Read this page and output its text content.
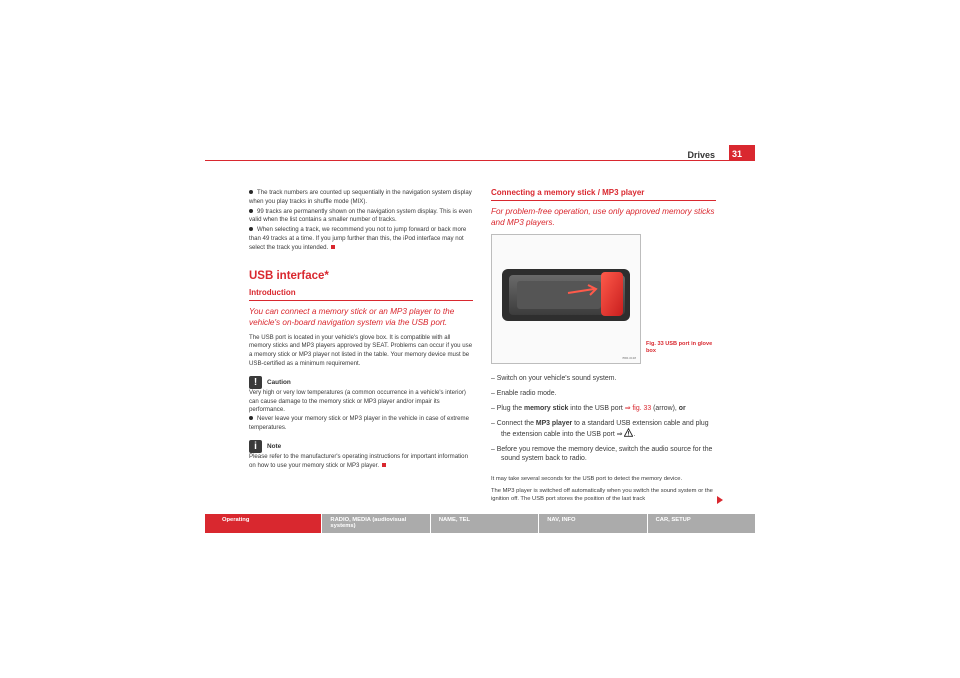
Drives	31

The track numbers are counted up sequentially in the navigation system display when you play tracks in shuffle mode (MIX).

99 tracks are permanently shown on the navigation system display. This is even valid when the list contains a smaller number of tracks.

When selecting a track, we recommend you not to jump forward or back more than 49 tracks at a time. If you jump further than this, the iPod interface may not select the track you intended.

USB interface*
Introduction

You can connect a memory stick or an MP3 player to the vehicle's on-board navigation system via the USB port.

The USB port is located in your vehicle's glove box. It is compatible with all memory sticks and MP3 players approved by SEAT. Problems can occur if you use a memory stick or MP3 player not listed in the table. Your memory device must be USB-certified as a minimum requirement.

!	Caution

Very high or very low temperatures (a common occurrence in a vehicle's interior) can cause damage to the memory stick or MP3 player and/or impair its performance.

Never leave your memory stick or MP3 player in the vehicle in case of extreme temperatures.

i	Note

Please refer to the manufacturer's operating instructions for important information on how to use your memory stick or MP3 player.

Connecting a memory stick / MP3 player

For problem-free operation, use only approved memory sticks and MP3 players.

B5R-0138

– Switch on your vehicle's sound system.

– Enable radio mode.

– Plug the memory stick into the USB port ⇒ fig. 33 (arrow), or

– Connect the MP3 player to a standard USB extension cable and plug the extension cable into the USB port ⇒ .

– Before you remove the memory device, switch the audio source for the sound system back to radio.

It may take several seconds for the USB port to detect the memory device.

The MP3 player is switched off automatically when you switch the sound system or the ignition off. The USB port stores the position of the last track

Fig. 33 USB port in glove box
Operating	RADIO, MEDIA (audiovisual systems)
NAME, TEL	NAV, INFO	CAR, SETUP
